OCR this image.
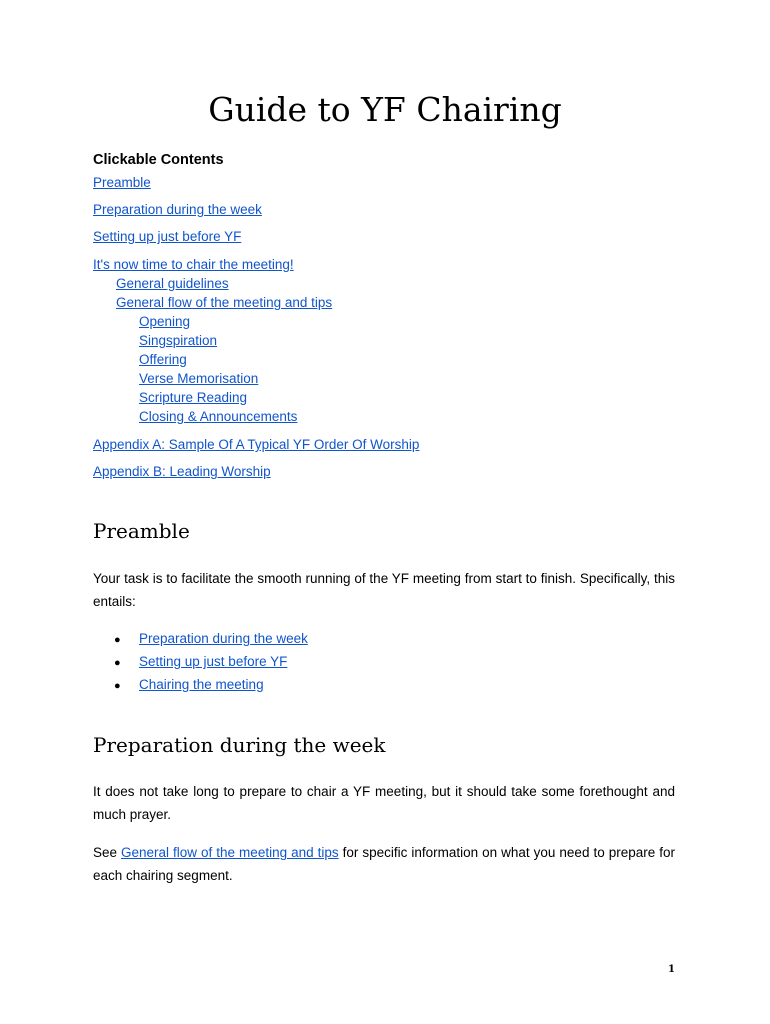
Guide to YF Chairing

Clickable Contents

Preamble
Preparation during the week
Setting up just before YF
It's now time to chair the meeting!
General guidelines
General flow of the meeting and tips
Opening
Singspiration
Offering
Verse Memorisation
Scripture Reading
Closing & Announcements
Appendix A: Sample Of A Typical YF Order Of Worship
Appendix B: Leading Worship
Preamble

Your task is to facilitate the smooth running of the YF meeting from start to finish. Specifically, this entails:

● Preparation during the week
● Setting up just before YF
● Chairing the meeting
Preparation during the week

It does not take long to prepare to chair a YF meeting, but it should take some forethought and much prayer.

See General flow of the meeting and tips for specific information on what you need to prepare for each chairing segment.

1
